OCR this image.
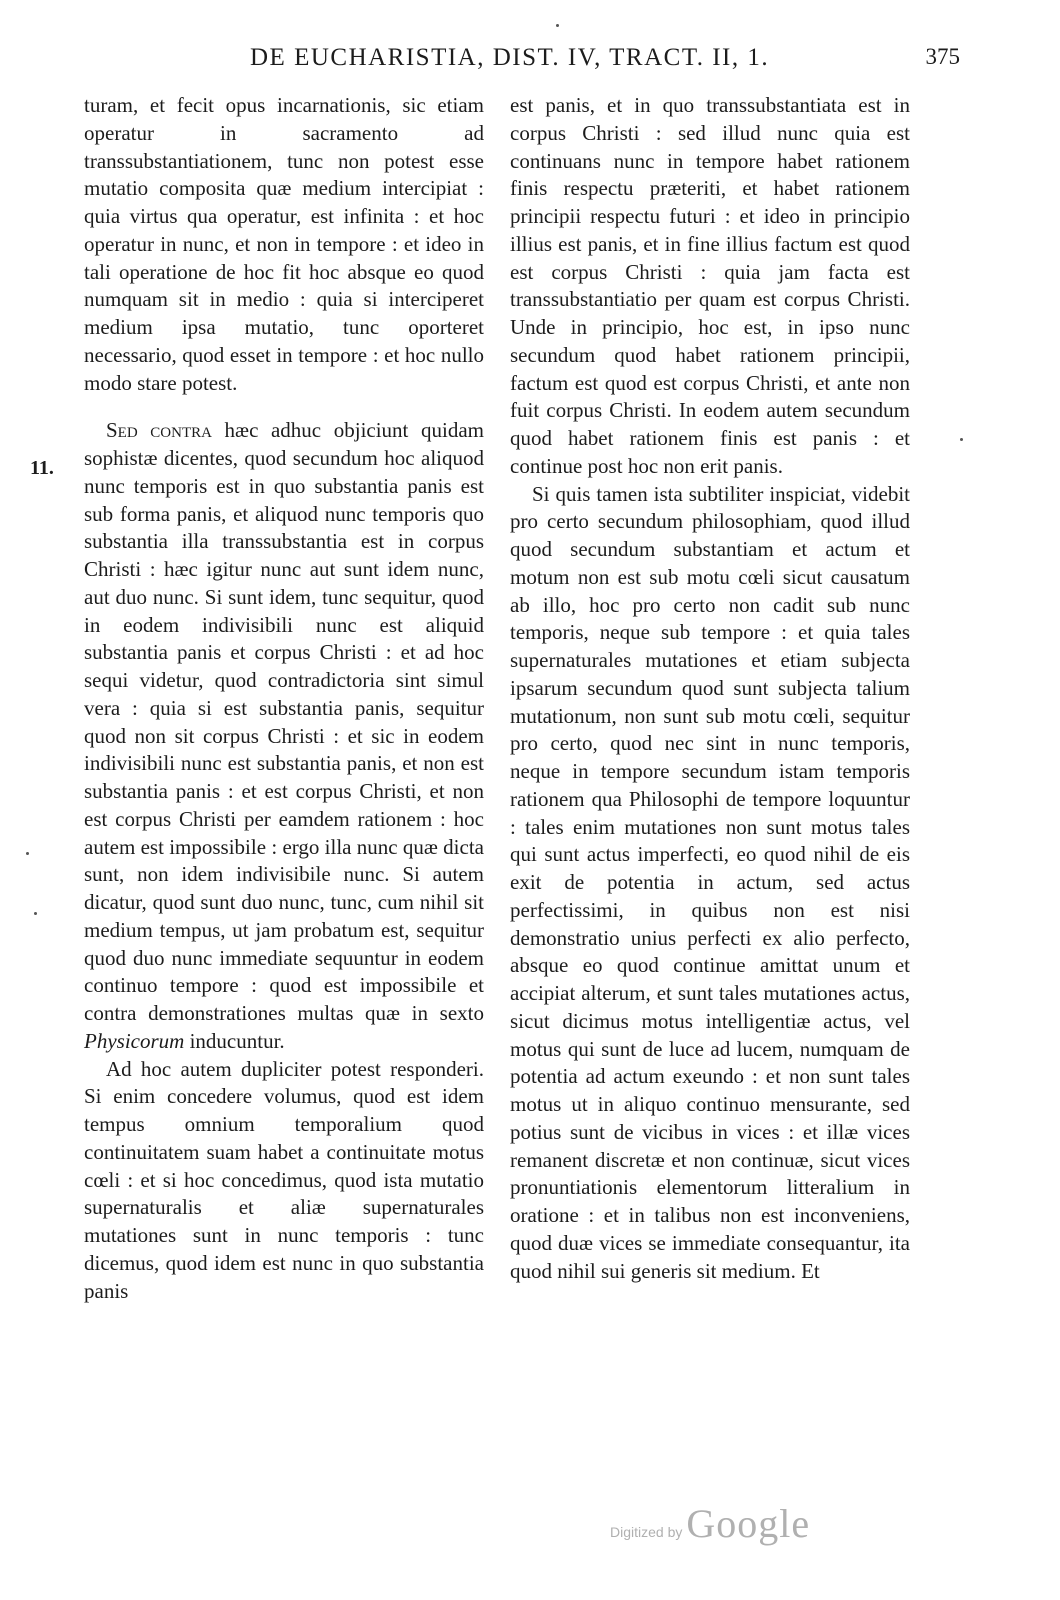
DE EUCHARISTIA, DIST. IV, TRACT. II, 1.	375
11.

turam, et fecit opus incarnationis, sic etiam operatur in sacramento ad transsubstantiationem, tunc non potest esse mutatio composita quæ medium intercipiat : quia virtus qua operatur, est infinita : et hoc operatur in nunc, et non in tempore : et ideo in tali operatione de hoc fit hoc absque eo quod numquam sit in medio : quia si interciperet medium ipsa mutatio, tunc oporteret necessario, quod esset in tempore : et hoc nullo modo stare potest.

Sed contra hæc adhuc objiciunt quidam sophistæ dicentes, quod secundum hoc aliquod nunc temporis est in quo substantia panis est sub forma panis, et aliquod nunc temporis quo substantia illa transsubstantia est in corpus Christi : hæc igitur nunc aut sunt idem nunc, aut duo nunc. Si sunt idem, tunc sequitur, quod in eodem indivisibili nunc est aliquid substantia panis et corpus Christi : et ad hoc sequi videtur, quod contradictoria sint simul vera : quia si est substantia panis, sequitur quod non sit corpus Christi : et sic in eodem indivisibili nunc est substantia panis, et non est substantia panis : et est corpus Christi, et non est corpus Christi per eamdem rationem : hoc autem est impossibile : ergo illa nunc quæ dicta sunt, non idem indivisibile nunc. Si autem dicatur, quod sunt duo nunc, tunc, cum nihil sit medium tempus, ut jam probatum est, sequitur quod duo nunc immediate sequuntur in eodem continuo tempore : quod est impossibile et contra demonstrationes multas quæ in sexto Physicorum inducuntur.

Ad hoc autem dupliciter potest responderi. Si enim concedere volumus, quod est idem tempus omnium temporalium quod continuitatem suam habet a continuitate motus cœli : et si hoc concedimus, quod ista mutatio supernaturalis et aliæ supernaturales mutationes sunt in nunc temporis : tunc dicemus, quod idem est nunc in quo substantia panis

est panis, et in quo transsubstantiata est in corpus Christi : sed illud nunc quia est continuans nunc in tempore habet rationem finis respectu præteriti, et habet rationem principii respectu futuri : et ideo in principio illius est panis, et in fine illius factum est quod est corpus Christi : quia jam facta est transsubstantiatio per quam est corpus Christi. Unde in principio, hoc est, in ipso nunc secundum quod habet rationem principii, factum est quod est corpus Christi, et ante non fuit corpus Christi. In eodem autem secundum quod habet rationem finis est panis : et continue post hoc non erit panis.

Si quis tamen ista subtiliter inspiciat, videbit pro certo secundum philosophiam, quod illud quod secundum substantiam et actum et motum non est sub motu cœli sicut causatum ab illo, hoc pro certo non cadit sub nunc temporis, neque sub tempore : et quia tales supernaturales mutationes et etiam subjecta ipsarum secundum quod sunt subjecta talium mutationum, non sunt sub motu cœli, sequitur pro certo, quod nec sint in nunc temporis, neque in tempore secundum istam temporis rationem qua Philosophi de tempore loquuntur : tales enim mutationes non sunt motus tales qui sunt actus imperfecti, eo quod nihil de eis exit de potentia in actum, sed actus perfectissimi, in quibus non est nisi demonstratio unius perfecti ex alio perfecto, absque eo quod continue amittat unum et accipiat alterum, et sunt tales mutationes actus, sicut dicimus motus intelligentiæ actus, vel motus qui sunt de luce ad lucem, numquam de potentia ad actum exeundo : et non sunt tales motus ut in aliquo continuo mensurante, sed potius sunt de vicibus in vices : et illæ vices remanent discretæ et non continuæ, sicut vices pronuntiationis elementorum litteralium in oratione : et in talibus non est inconveniens, quod duæ vices se immediate consequantur, ita quod nihil sui generis sit medium. Et

Digitized by Google
